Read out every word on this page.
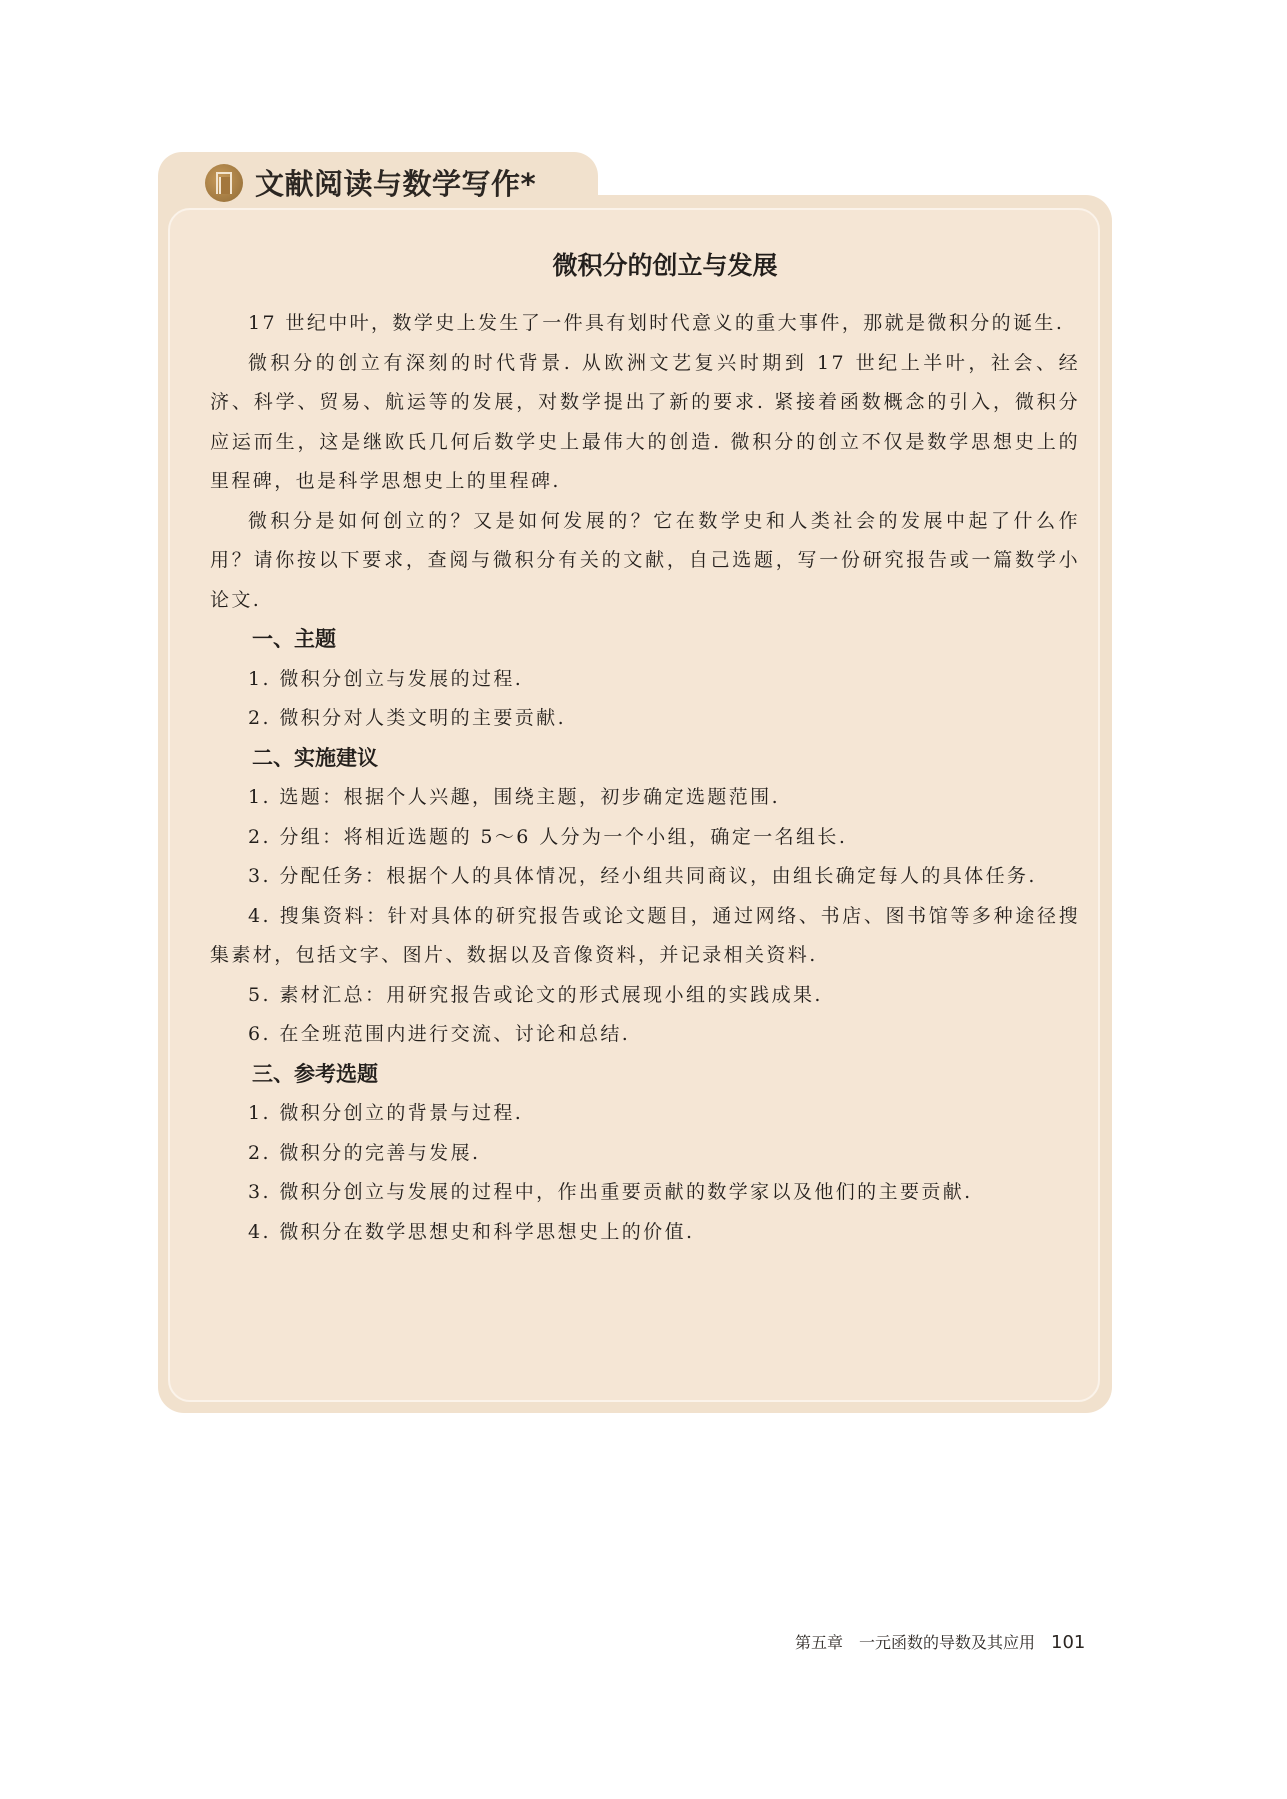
文献阅读与数学写作*
微积分的创立与发展

17 世纪中叶，数学史上发生了一件具有划时代意义的重大事件，那就是微积分的诞生.

微积分的创立有深刻的时代背景. 从欧洲文艺复兴时期到 17 世纪上半叶，社会、经济、科学、贸易、航运等的发展，对数学提出了新的要求. 紧接着函数概念的引入，微积分应运而生，这是继欧氏几何后数学史上最伟大的创造. 微积分的创立不仅是数学思想史上的里程碑，也是科学思想史上的里程碑.

微积分是如何创立的？又是如何发展的？它在数学史和人类社会的发展中起了什么作用？请你按以下要求，查阅与微积分有关的文献，自己选题，写一份研究报告或一篇数学小论文.

一、主题

1. 微积分创立与发展的过程.

2. 微积分对人类文明的主要贡献.

二、实施建议

1. 选题：根据个人兴趣，围绕主题，初步确定选题范围.

2. 分组：将相近选题的 5～6 人分为一个小组，确定一名组长.

3. 分配任务：根据个人的具体情况，经小组共同商议，由组长确定每人的具体任务.

4. 搜集资料：针对具体的研究报告或论文题目，通过网络、书店、图书馆等多种途径搜集素材，包括文字、图片、数据以及音像资料，并记录相关资料.

5. 素材汇总：用研究报告或论文的形式展现小组的实践成果.

6. 在全班范围内进行交流、讨论和总结.

三、参考选题

1. 微积分创立的背景与过程.

2. 微积分的完善与发展.

3. 微积分创立与发展的过程中，作出重要贡献的数学家以及他们的主要贡献.

4. 微积分在数学思想史和科学思想史上的价值.

第五章 一元函数的导数及其应用 101
